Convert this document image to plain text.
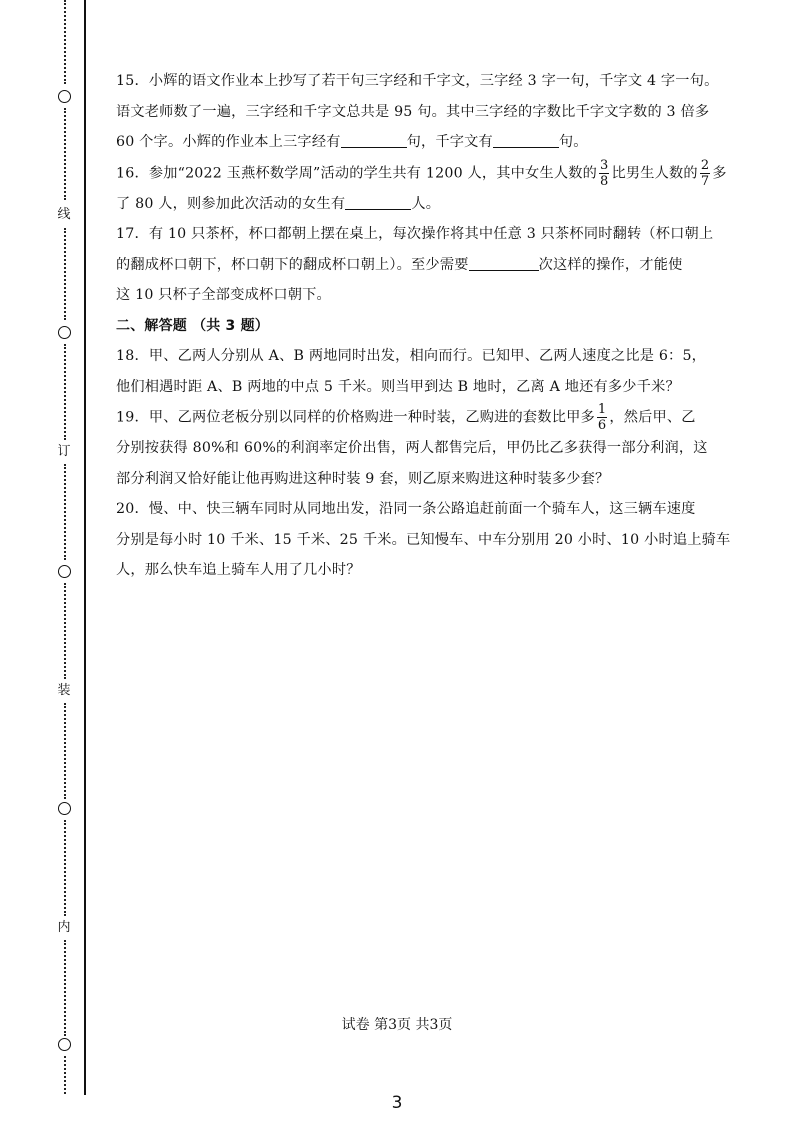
线
订
装
内
15．小辉的语文作业本上抄写了若干句三字经和千字文，三字经 3 字一句，千字文 4 字一句。
语文老师数了一遍，三字经和千字文总共是 95 句。其中三字经的字数比千字文字数的 3 倍多
60 个字。小辉的作业本上三字经有	句，千字文有	句。
16．参加“2022 玉燕杯数学周”活动的学生共有 1200 人，其中女生人数的 $\frac{3}{8}$ 比男生人数的 $\frac{2}{7}$ 多
了 80 人，则参加此次活动的女生有	人。
17．有 10 只茶杯，杯口都朝上摆在桌上，每次操作将其中任意 3 只茶杯同时翻转（杯口朝上
的翻成杯口朝下，杯口朝下的翻成杯口朝上）。至少需要	次这样的操作，才能使
这 10 只杯子全部变成杯口朝下。
二、解答题 （共 3 题）
18．甲、乙两人分别从 A、B 两地同时出发，相向而行。已知甲、乙两人速度之比是 6：5，
他们相遇时距 A、B 两地的中点 5 千米。则当甲到达 B 地时，乙离 A 地还有多少千米？
19．甲、乙两位老板分别以同样的价格购进一种时装，乙购进的套数比甲多 $\frac{1}{6}$ ，然后甲、乙
分别按获得 80%和 60%的利润率定价出售，两人都售完后，甲仍比乙多获得一部分利润，这
部分利润又恰好能让他再购进这种时装 9 套，则乙原来购进这种时装多少套？
20．慢、中、快三辆车同时从同地出发，沿同一条公路追赶前面一个骑车人，这三辆车速度
分别是每小时 10 千米、15 千米、25 千米。已知慢车、中车分别用 20 小时、10 小时追上骑车
人，那么快车追上骑车人用了几小时？
试卷 第3页 共3页
3
